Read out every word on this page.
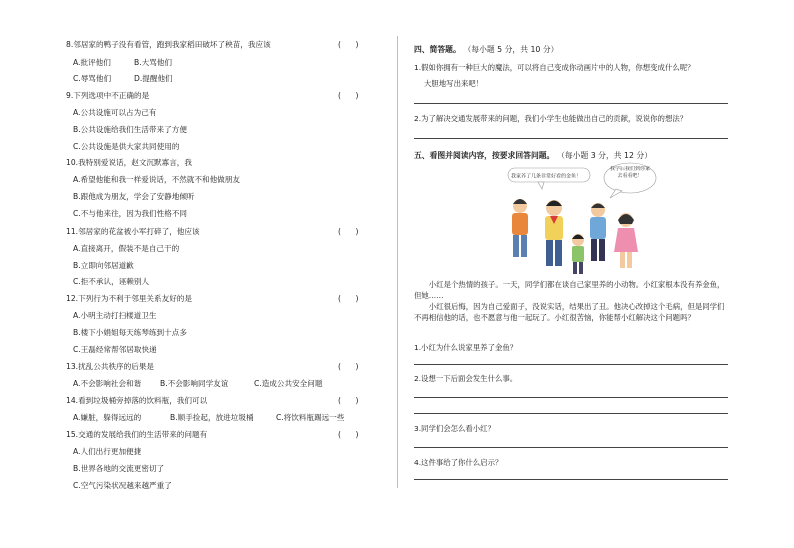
8.邻居家的鸭子没有看管，跑到我家稻田破坏了秧苗，我应该	(      )
A.批评他们	B.大骂他们
C.辱骂他们	D.提醒他们
9.下列选项中不正确的是	(      )
A.公共设施可以占为己有
B.公共设施给我们生活带来了方便
C.公共设施是供大家共同使用的
10.我特别爱说话，赵文沉默寡言，我
A.希望他能和我一样爱说话，不然就不和他做朋友
B.跟他成为朋友，学会了安静地倾听
C.不与他来往，因为我们性格不同
11.邻居家的花盆被小军打碎了，他应该	(      )
A.直接离开，假装不是自己干的
B.立即向邻居道歉
C.拒不承认，诬赖别人
12.下列行为不利于邻里关系友好的是	(      )
A.小明主动打扫楼道卫生
B.楼下小娟姐每天练琴练到十点多
C.王磊经常帮邻居取快递
13.扰乱公共秩序的后果是	(      )
A.不会影响社会和谐 B.不会影响同学友谊	C.造成公共安全问题
14.看到垃圾桶旁掉落的饮料瓶，我们可以	(      )
A.嫌脏，躲得远远的	B.顺手捡起，放进垃圾桶	C.将饮料瓶踢远一些
15.交通的发展给我们的生活带来的问题有	(      )
A.人们出行更加便捷
B.世界各地的交流更密切了
C.空气污染状况越来越严重了
四、简答题。 （每小题 5 分，共 10 分）
1.假如你拥有一种巨大的魔法，可以将自己变成你动画片中的人物，你想变成什么呢？
大胆地写出来吧！
2.为了解决交通发展带来的问题，我们小学生也能做出自己的贡献，说说你的想法？
五、看图并阅读内容，按要求回答问题。 （每小题 3 分，共 12 分）
我家养了几条非常好看的金鱼！
我学后我们到你家去看看吧！
小红是个热情的孩子。一天，同学们都在谈自己家里养的小动物。小红家根本没有养金鱼，但她……
小红很后悔，因为自己爱面子，没说实话，结果出了丑。他决心改掉这个毛病，但是同学们不再相信他的话，也不愿意与他一起玩了。小红很苦恼，你能帮小红解决这个问题吗？
1.小红为什么说家里养了金鱼？
2.设想一下后面会发生什么事。
3.同学们会怎么看小红？
4.这件事给了你什么启示？
